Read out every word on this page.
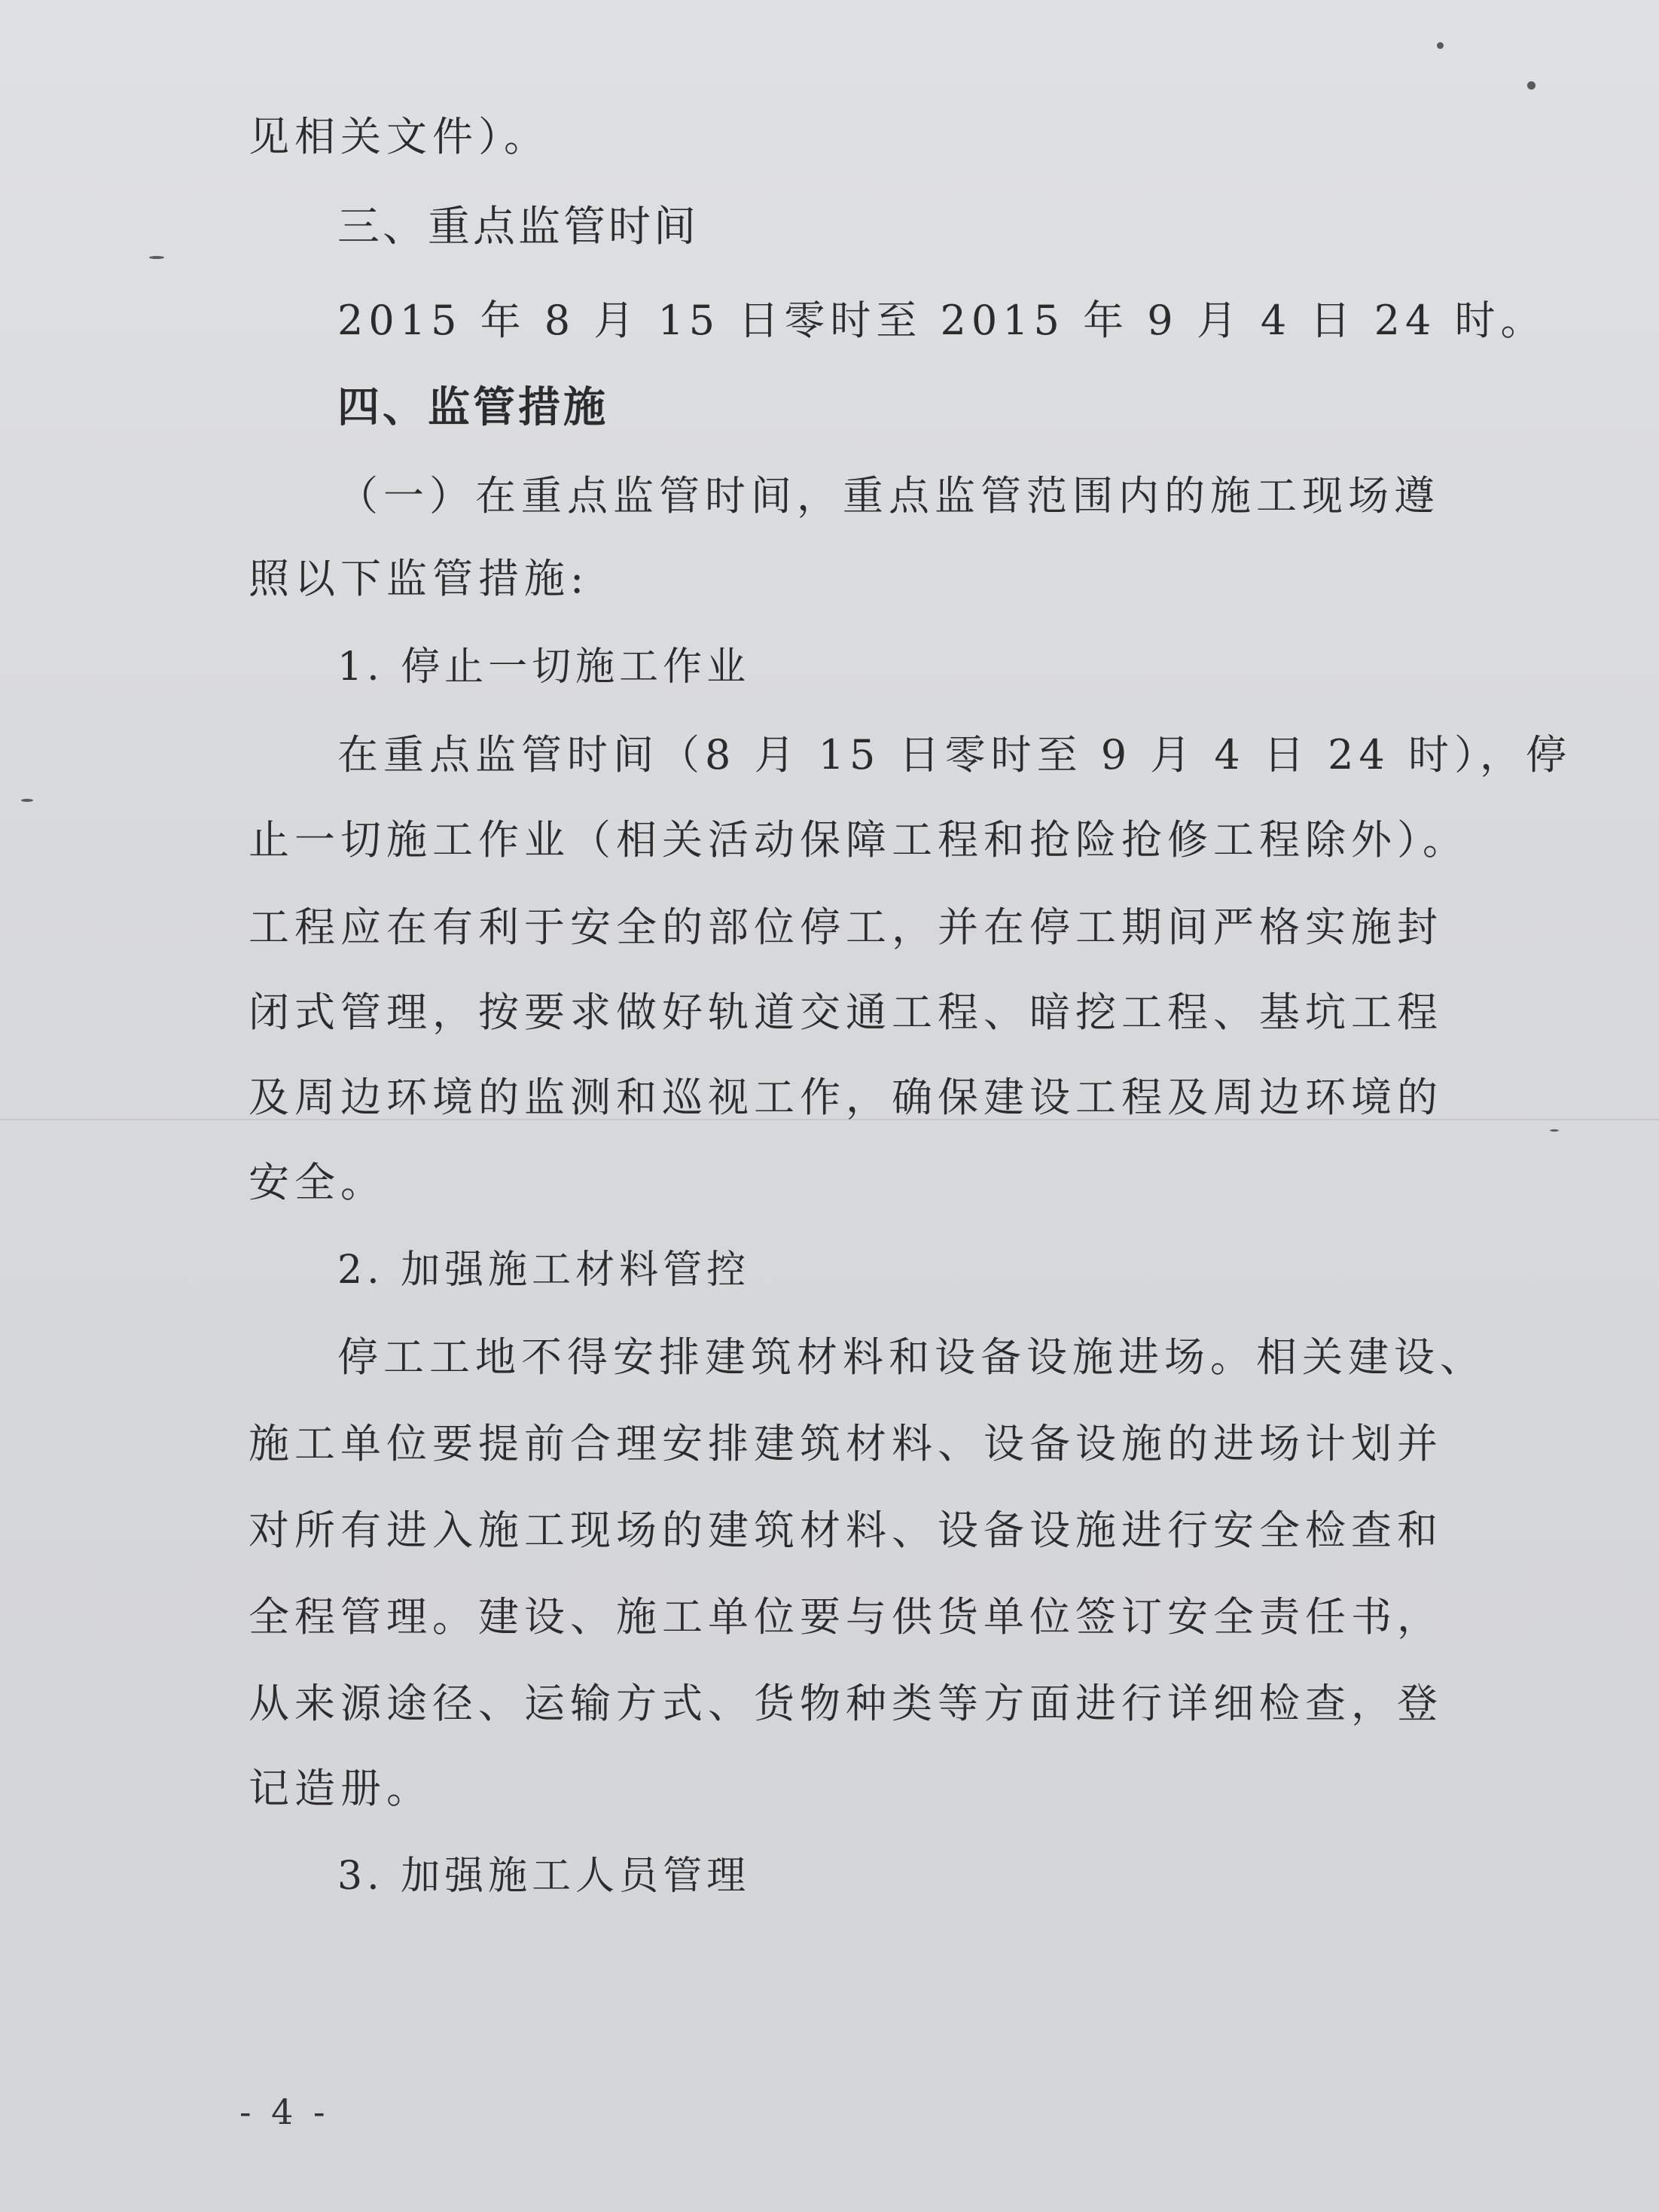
见相关文件）。
三、重点监管时间
2015 年 8 月 15 日零时至 2015 年 9 月 4 日 24 时。
四、监管措施
（一）在重点监管时间，重点监管范围内的施工现场遵
照以下监管措施:
1. 停止一切施工作业
在重点监管时间（8 月 15 日零时至 9 月 4 日 24 时），停
止一切施工作业（相关活动保障工程和抢险抢修工程除外）。
工程应在有利于安全的部位停工，并在停工期间严格实施封
闭式管理，按要求做好轨道交通工程、暗挖工程、基坑工程
及周边环境的监测和巡视工作，确保建设工程及周边环境的
安全。
2. 加强施工材料管控
停工工地不得安排建筑材料和设备设施进场。相关建设、
施工单位要提前合理安排建筑材料、设备设施的进场计划并
对所有进入施工现场的建筑材料、设备设施进行安全检查和
全程管理。建设、施工单位要与供货单位签订安全责任书，
从来源途径、运输方式、货物种类等方面进行详细检查，登
记造册。
3. 加强施工人员管理
- 4 -
